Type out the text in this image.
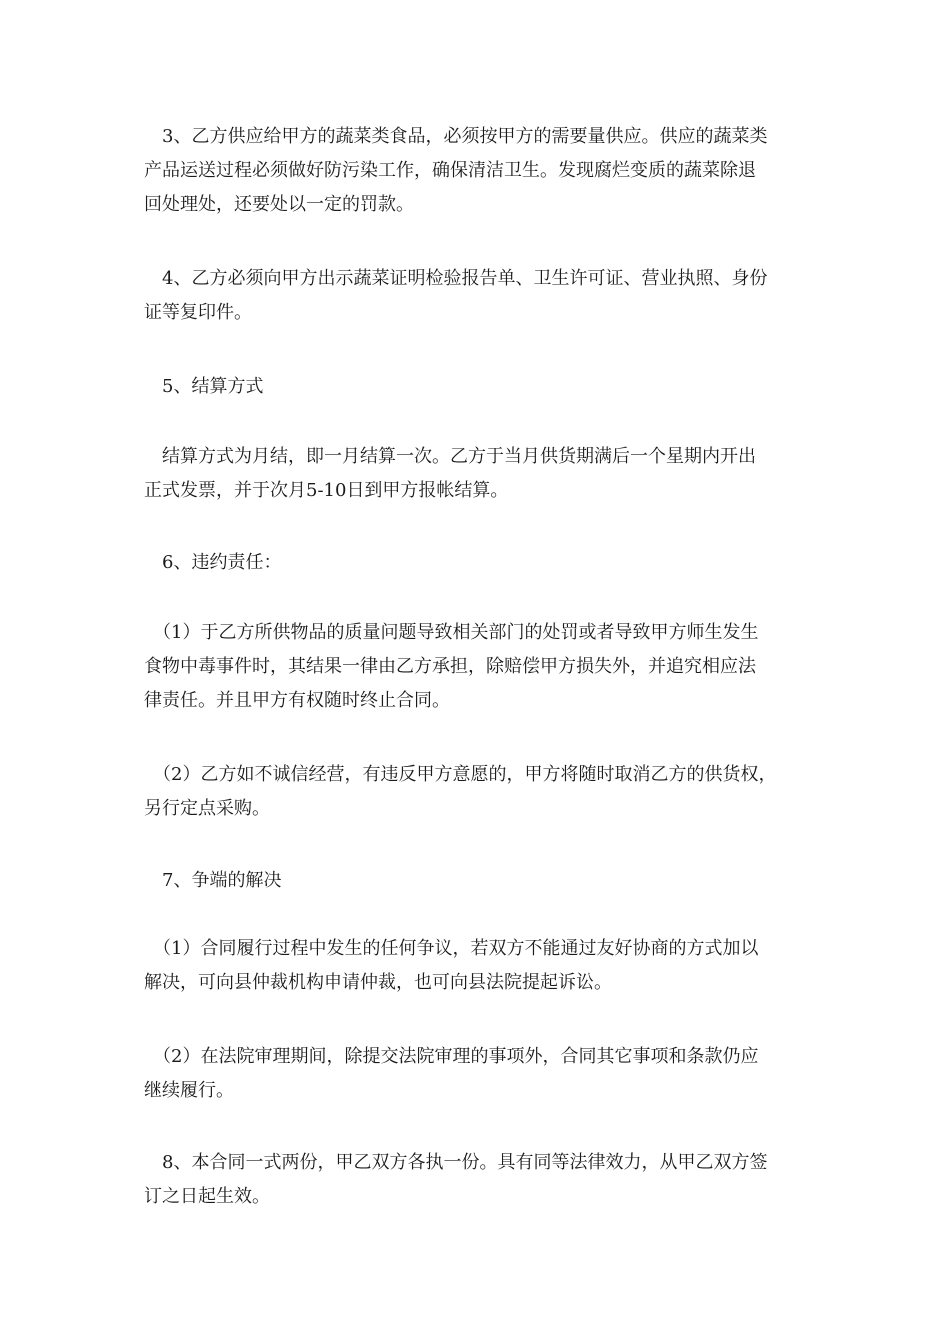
　3、乙方供应给甲方的蔬菜类食品，必须按甲方的需要量供应。供应的蔬菜类
产品运送过程必须做好防污染工作，确保清洁卫生。发现腐烂变质的蔬菜除退
回处理处，还要处以一定的罚款。

　4、乙方必须向甲方出示蔬菜证明检验报告单、卫生许可证、营业执照、身份
证等复印件。

　5、结算方式

　结算方式为月结，即一月结算一次。乙方于当月供货期满后一个星期内开出
正式发票，并于次月5-10日到甲方报帐结算。

　6、违约责任：

　（1）于乙方所供物品的质量问题导致相关部门的处罚或者导致甲方师生发生
食物中毒事件时，其结果一律由乙方承担，除赔偿甲方损失外，并追究相应法
律责任。并且甲方有权随时终止合同。

　（2）乙方如不诚信经营，有违反甲方意愿的，甲方将随时取消乙方的供货权，
另行定点采购。

　7、争端的解决

　（1）合同履行过程中发生的任何争议，若双方不能通过友好协商的方式加以
解决，可向县仲裁机构申请仲裁，也可向县法院提起诉讼。

　（2）在法院审理期间，除提交法院审理的事项外，合同其它事项和条款仍应
继续履行。

　8、本合同一式两份，甲乙双方各执一份。具有同等法律效力，从甲乙双方签
订之日起生效。
